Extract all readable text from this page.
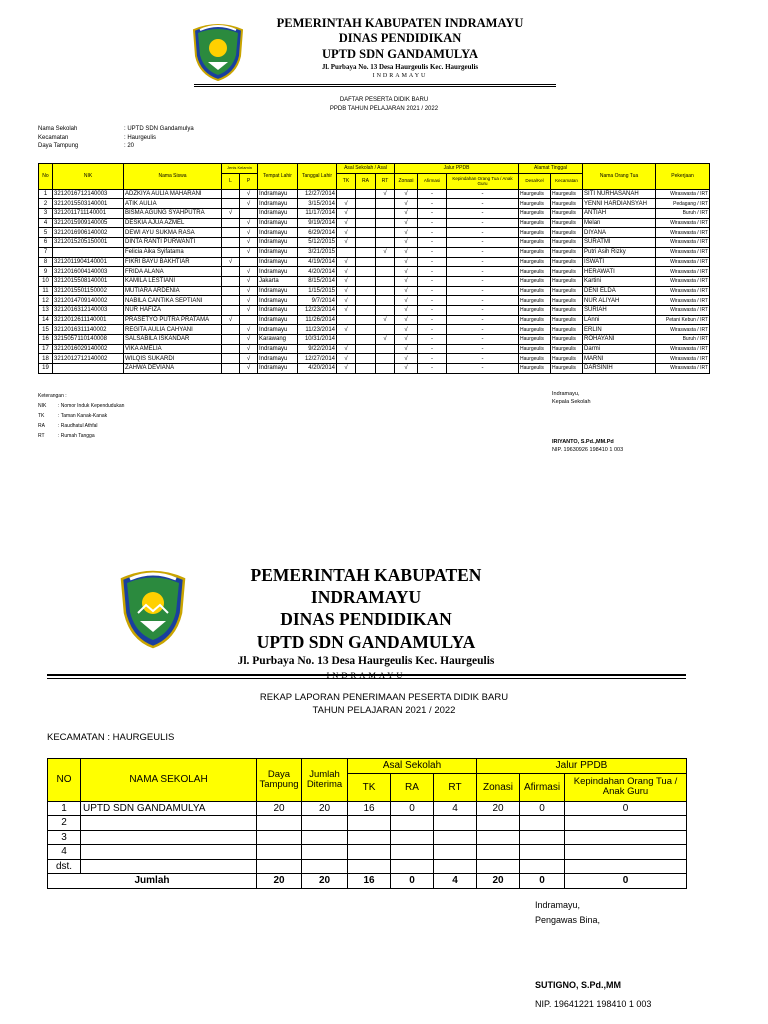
PEMERINTAH KABUPATEN INDRAMAYU
DINAS PENDIDIKAN
UPTD SDN GANDAMULYA
Jl. Purbaya No. 13 Desa Haurgeulis Kec. Haurgeulis
INDRAMAYU
DAFTAR PESERTA DIDIK BARU
PPDB TAHUN PELAJARAN 2021 / 2022
Nama Sekolah	: UPTD SDN Gandamulya
Kecamatan	: Haurgeulis
Daya Tampung	: 20
No	NIK	Nama Siswa	Jenis Kelamin		Tempat Lahir	Tanggal Lahir	Asal Sekolah / Asal			Jalur PPDB			Alamat Tinggal		Nama Orang Tua	Pekerjaan
			L	P			TK	RA	RT	Zonasi	Afirmasi	Kepindahan Orang Tua / Anak Guru	Desa/Kel	Kecamatan		
1	3212016712140003	ADZKIYA AULIA MAHARANI		√	Indramayu	12/27/2014			√	√	-	-	Haurgeulis	Haurgeulis	SITI NURHASANAH	Wiraswasta / IRT
2	3212015503140001	ATIK AULIA		√	Indramayu	3/15/2014	√			√	-	-	Haurgeulis	Haurgeulis	YENNI HARDIANSYAH	Pedagang / IRT
3	3212011711140001	BISMA AGUNG SYAHPUTRA	√		Indramayu	11/17/2014	√			√	-	-	Haurgeulis	Haurgeulis	ANTIAH	Buruh / IRT
4	3212015909140005	DESKIA AJUA AZMEL		√	Indramayu	9/19/2014	√			√	-	-	Haurgeulis	Haurgeulis	Melan	Wiraswasta / IRT
5	3212016906140002	DEWI AYU SUKMA RASA		√	Indramayu	6/29/2014	√			√	-	-	Haurgeulis	Haurgeulis	DIYANA	Wiraswasta / IRT
6	3212015205150001	DINTA RANTI PURWANTI		√	Indramayu	5/12/2015	√			√	-	-	Haurgeulis	Haurgeulis	SURATMI	Wiraswasta / IRT
7		Felicia Aika Syifatama		√	Indramayu	3/21/2015			√	√	-	-	Haurgeulis	Haurgeulis	Putri Asih Rizky	Wiraswasta / IRT
8	3212011904140001	FIKRI BAYU BAKHTIAR	√		Indramayu	4/19/2014	√			√	-	-	Haurgeulis	Haurgeulis	ISWATI	Wiraswasta / IRT
9	3212016004140003	FRIDA ALANA		√	Indramayu	4/20/2014	√			√	-	-	Haurgeulis	Haurgeulis	HERAWATI	Wiraswasta / IRT
10	3212015508140001	KAMILA LESTIANI		√	Jakarta	8/15/2014	√			√	-	-	Haurgeulis	Haurgeulis	Kartini	Wiraswasta / IRT
11	3212015501150002	MUTIARA ARDENIA		√	Indramayu	1/15/2015	√			√	-	-	Haurgeulis	Haurgeulis	DENI ELDA	Wiraswasta / IRT
12	3212014709140002	NABILA CANTIKA SEPTIANI		√	Indramayu	9/7/2014	√			√	-	-	Haurgeulis	Haurgeulis	NUR ALIYAH	Wiraswasta / IRT
13	3212016312140003	NUR HAFIZA		√	Indramayu	12/23/2014	√			√	-	-	Haurgeulis	Haurgeulis	SURIAH	Wiraswasta / IRT
14	3212012611140001	PRASETYO PUTRA PRATAMA	√		Indramayu	11/26/2014			√	√	-	-	Haurgeulis	Haurgeulis	LAnni	Petani Kebun / IRT
15	3212016311140002	REGITA AULIA CAHYANI		√	Indramayu	11/23/2014	√			√	-	-	Haurgeulis	Haurgeulis	ERLIN	Wiraswasta / IRT
16	3215057110140008	SALSABILA ISKANDAR		√	Karawang	10/31/2014			√	√	-	-	Haurgeulis	Haurgeulis	ROHAYANI	Buruh / IRT
17	3212016029140002	VIKA AMELIA		√	Indramayu	9/22/2014	√			√	-	-	Haurgeulis	Haurgeulis	Darmi	Wiraswasta / IRT
18	3212012712140002	WILQIS SUKARDI		√	Indramayu	12/27/2014	√			√	-	-	Haurgeulis	Haurgeulis	MARNI	Wiraswasta / IRT
19		ZAHWA DEVIANA		√	Indramayu	4/20/2014	√			√	-	-	Haurgeulis	Haurgeulis	DARSINIH	Wiraswasta / IRT
Keterangan :
NIK	: Nomor Induk Kependudukan
TK	: Taman Kanak-Kanak
RA	: Raudhatul Athfal
RT	: Rumah Tangga
Indramayu,
Kepala Sekolah
IRIYANTO, S.Pd.,MM.Pd
NIP. 19630926 198410 1 003
PEMERINTAH KABUPATEN INDRAMAYU
DINAS PENDIDIKAN
UPTD SDN GANDAMULYA
Jl. Purbaya No. 13 Desa Haurgeulis Kec. Haurgeulis
REKAP LAPORAN PENERIMAAN PESERTA DIDIK BARU
TAHUN PELAJARAN 2021 / 2022
KECAMATAN : HAURGEULIS
NO	NAMA SEKOLAH	Daya Tampung	Jumlah Diterima	Asal Sekolah			Jalur PPDB		
				TK	RA	RT	Zonasi	Afirmasi	Kepindahan Orang Tua / Anak Guru
1	UPTD SDN GANDAMULYA	20	20	16	0	4	20	0	0
2									
3									
4									
dst.									
Jumlah		20	20	16	0	4	20	0	0
Indramayu,
Pengawas Bina,
SUTIGNO, S.Pd.,MM
NIP. 19641221 198410 1 003
